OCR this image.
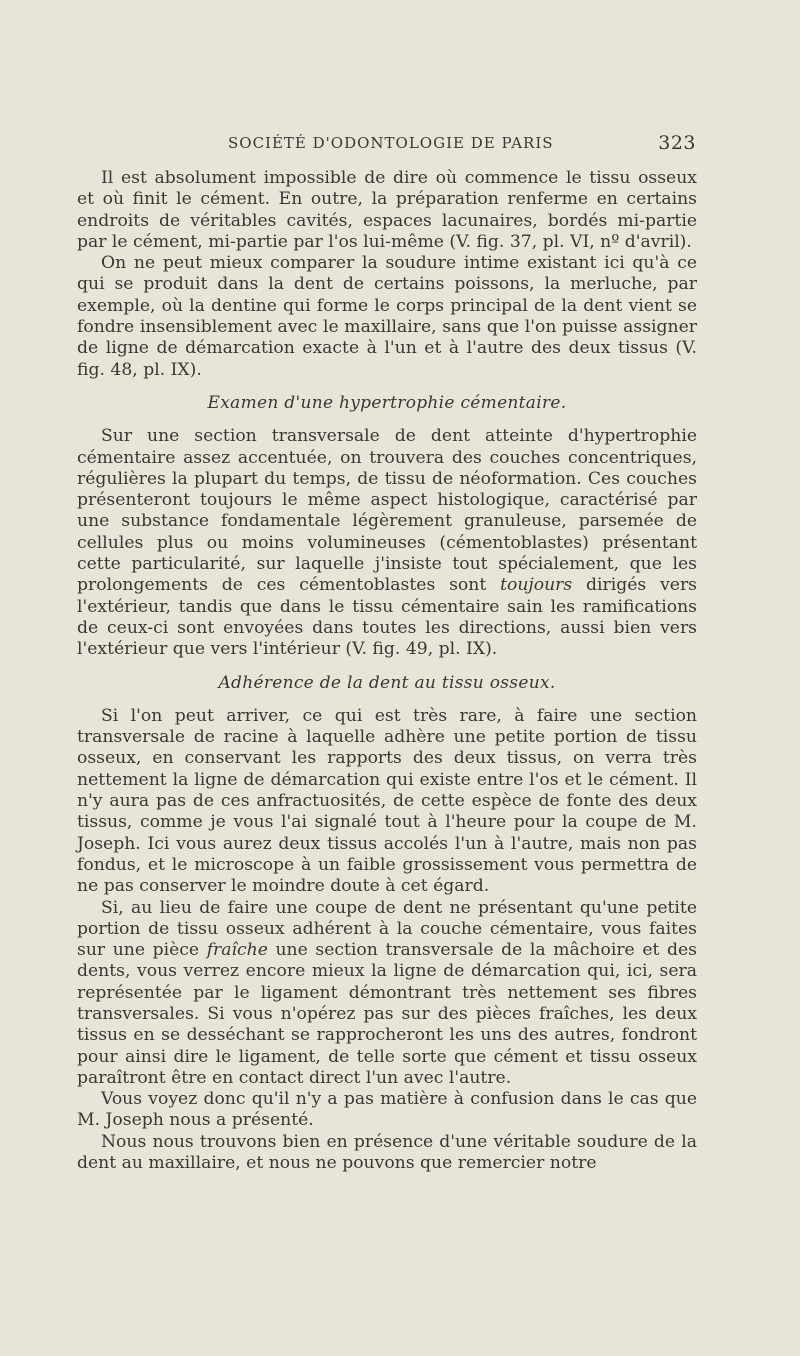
SOCIÉTÉ D'ODONTOLOGIE DE PARIS	323

Il est absolument impossible de dire où commence le tissu osseux et où finit le cément. En outre, la préparation renferme en certains endroits de véritables cavités, espaces lacunaires, bordés mi-partie par le cément, mi-partie par l'os lui-même (V. fig. 37, pl. VI, nº d'avril).

On ne peut mieux comparer la soudure intime existant ici qu'à ce qui se produit dans la dent de certains poissons, la merluche, par exemple, où la dentine qui forme le corps principal de la dent vient se fondre insensiblement avec le maxillaire, sans que l'on puisse assigner de ligne de démarcation exacte à l'un et à l'autre des deux tissus (V. fig. 48, pl. IX).

Examen d'une hypertrophie cémentaire.

Sur une section transversale de dent atteinte d'hypertrophie cémentaire assez accentuée, on trouvera des couches concentriques, régulières la plupart du temps, de tissu de néoformation. Ces couches présenteront toujours le même aspect histologique, caractérisé par une substance fondamentale légèrement granuleuse, parsemée de cellules plus ou moins volumineuses (cémentoblastes) présentant cette particularité, sur laquelle j'insiste tout spécialement, que les prolongements de ces cémentoblastes sont toujours dirigés vers l'extérieur, tandis que dans le tissu cémentaire sain les ramifications de ceux-ci sont envoyées dans toutes les directions, aussi bien vers l'extérieur que vers l'intérieur (V. fig. 49, pl. IX).

Adhérence de la dent au tissu osseux.

Si l'on peut arriver, ce qui est très rare, à faire une section transversale de racine à laquelle adhère une petite portion de tissu osseux, en conservant les rapports des deux tissus, on verra très nettement la ligne de démarcation qui existe entre l'os et le cément. Il n'y aura pas de ces anfractuosités, de cette espèce de fonte des deux tissus, comme je vous l'ai signalé tout à l'heure pour la coupe de M. Joseph. Ici vous aurez deux tissus accolés l'un à l'autre, mais non pas fondus, et le microscope à un faible grossissement vous permettra de ne pas conserver le moindre doute à cet égard.

Si, au lieu de faire une coupe de dent ne présentant qu'une petite portion de tissu osseux adhérent à la couche cémentaire, vous faites sur une pièce fraîche une section transversale de la mâchoire et des dents, vous verrez encore mieux la ligne de démarcation qui, ici, sera représentée par le ligament démontrant très nettement ses fibres transversales. Si vous n'opérez pas sur des pièces fraîches, les deux tissus en se desséchant se rapprocheront les uns des autres, fondront pour ainsi dire le ligament, de telle sorte que cément et tissu osseux paraîtront être en contact direct l'un avec l'autre.

Vous voyez donc qu'il n'y a pas matière à confusion dans le cas que M. Joseph nous a présenté.

Nous nous trouvons bien en présence d'une véritable soudure de la dent au maxillaire, et nous ne pouvons que remercier notre
